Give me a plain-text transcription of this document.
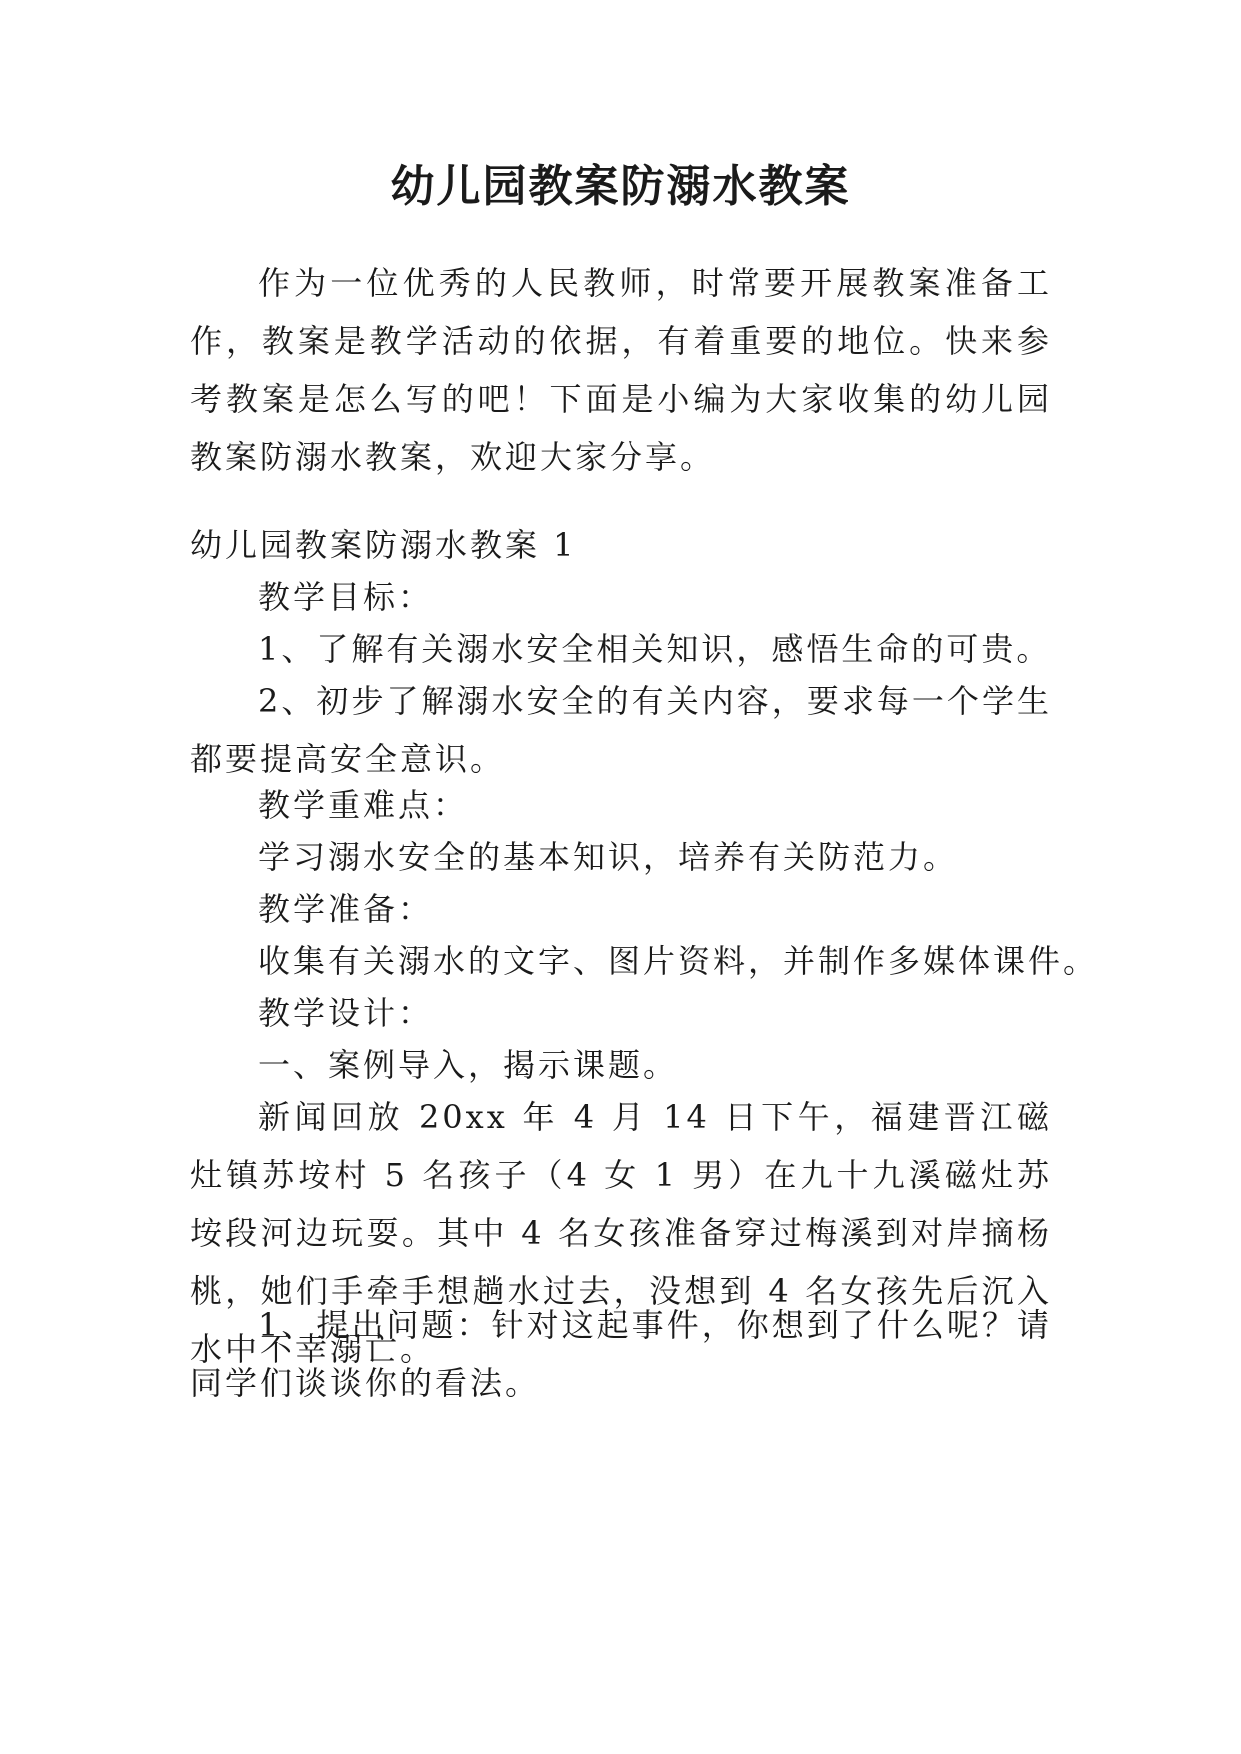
幼儿园教案防溺水教案

作为一位优秀的人民教师，时常要开展教案准备工作，教案是教学活动的依据，有着重要的地位。快来参考教案是怎么写的吧！下面是小编为大家收集的幼儿园教案防溺水教案，欢迎大家分享。

幼儿园教案防溺水教案 1
教学目标：
1、了解有关溺水安全相关知识，感悟生命的可贵。

2、初步了解溺水安全的有关内容，要求每一个学生都要提高安全意识。

教学重难点：
学习溺水安全的基本知识，培养有关防范力。
教学准备：
收集有关溺水的文字、图片资料，并制作多媒体课件。
教学设计：
一、案例导入，揭示课题。

新闻回放 20xx 年 4 月 14 日下午，福建晋江磁灶镇苏垵村 5 名孩子（4 女 1 男）在九十九溪磁灶苏垵段河边玩耍。其中 4 名女孩准备穿过梅溪到对岸摘杨桃，她们手牵手想趟水过去，没想到 4 名女孩先后沉入水中不幸溺亡。

1、提出问题：针对这起事件，你想到了什么呢？请同学们谈谈你的看法。
